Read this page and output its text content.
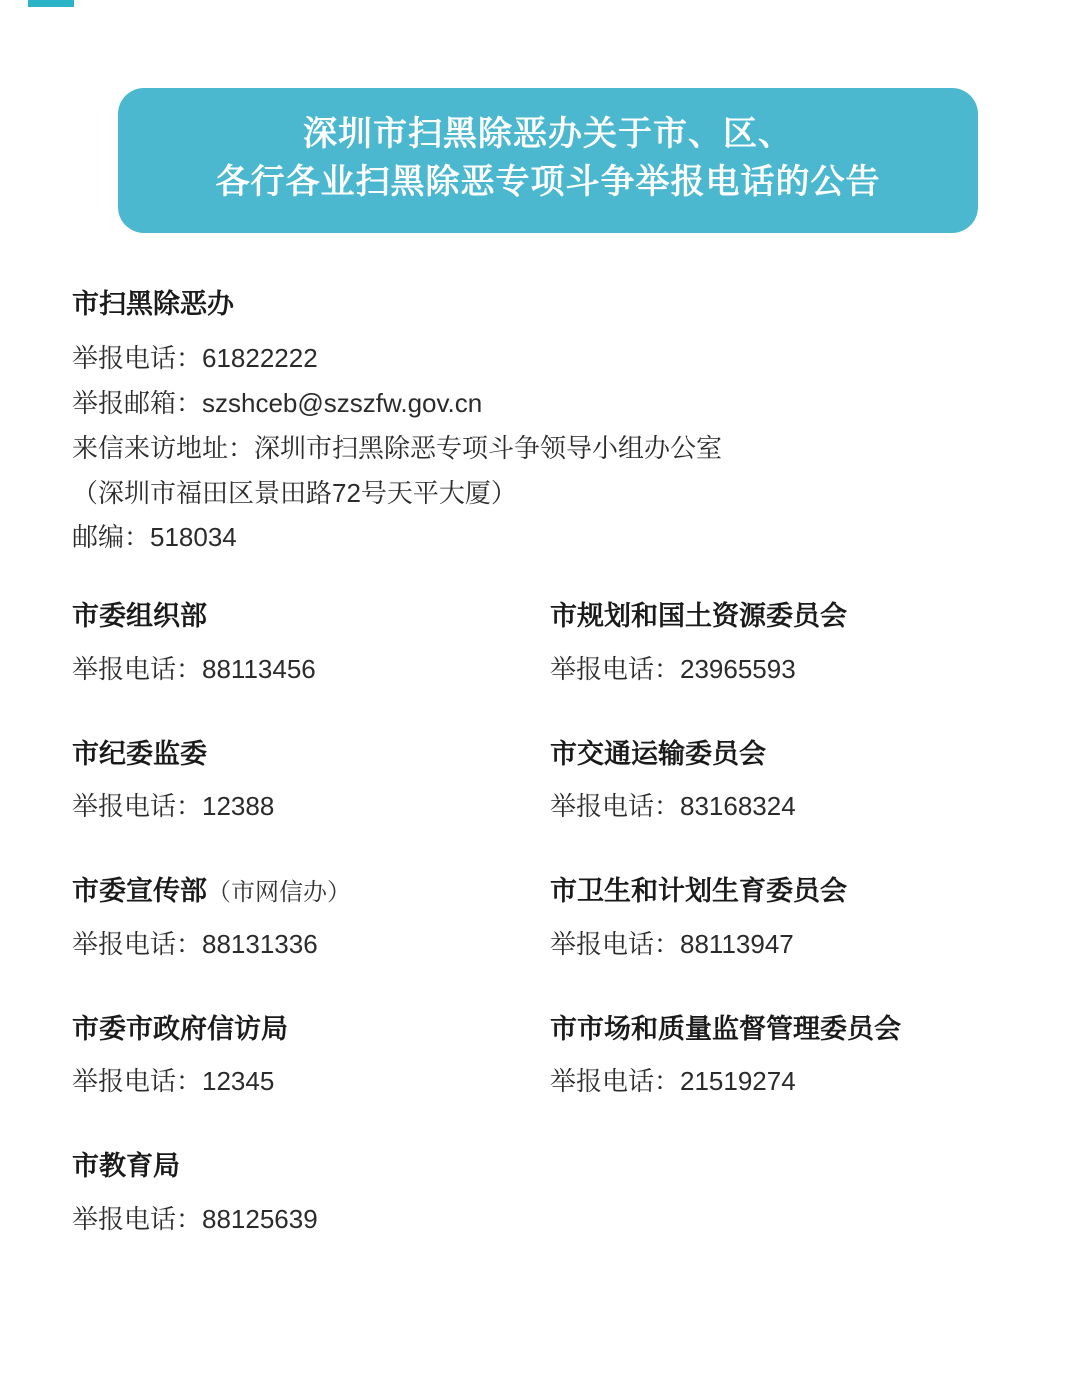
深圳市扫黑除恶办关于市、区、
各行各业扫黑除恶专项斗争举报电话的公告
市扫黑除恶办

举报电话：61822222

举报邮箱：szshceb@szszfw.gov.cn

来信来访地址：深圳市扫黑除恶专项斗争领导小组办公室

（深圳市福田区景田路72号天平大厦）

邮编：518034

市委组织部

举报电话：88113456

市规划和国土资源委员会

举报电话：23965593

市纪委监委

举报电话：12388

市交通运输委员会

举报电话：83168324

市委宣传部（市网信办）

举报电话：88131336

市卫生和计划生育委员会

举报电话：88113947

市委市政府信访局

举报电话：12345

市市场和质量监督管理委员会

举报电话：21519274

市教育局

举报电话：88125639
